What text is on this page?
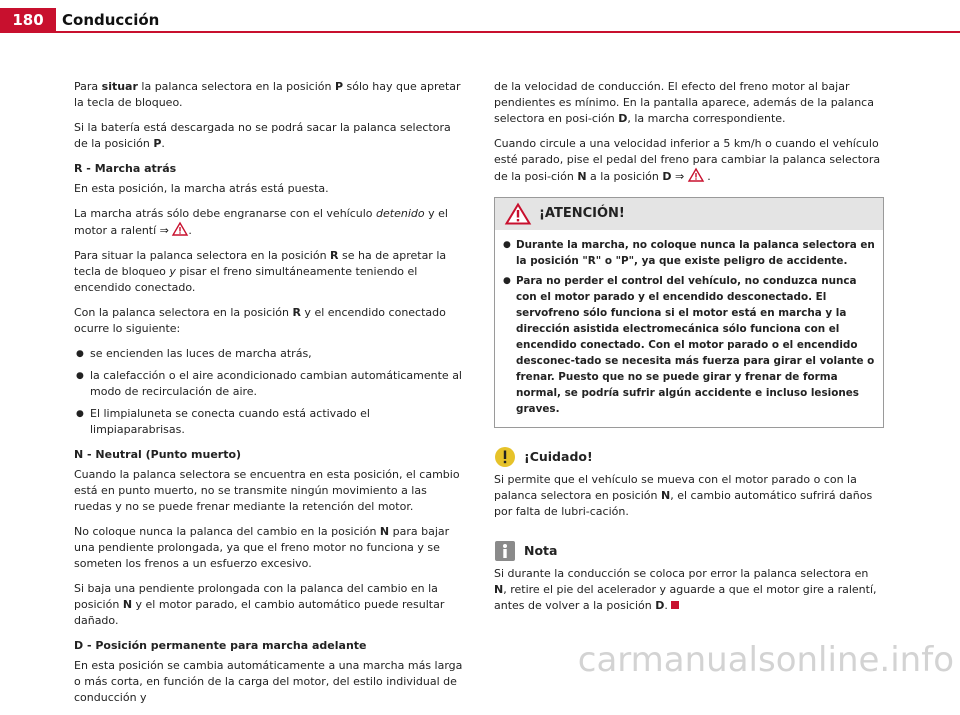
180	Conducción

Para situar la palanca selectora en la posición P sólo hay que apretar la tecla de bloqueo.

Si la batería está descargada no se podrá sacar la palanca selectora de la posición P.

R - Marcha atrás

En esta posición, la marcha atrás está puesta.

La marcha atrás sólo debe engranarse con el vehículo detenido y el motor a ralentí ⇒ .

Para situar la palanca selectora en la posición R se ha de apretar la tecla de bloqueo y pisar el freno simultáneamente teniendo el encendido conectado.

Con la palanca selectora en la posición R y el encendido conectado ocurre lo siguiente:

● se encienden las luces de marcha atrás,
● la calefacción o el aire acondicionado cambian automáticamente al modo de recirculación de aire.
● El limpialuneta se conecta cuando está activado el limpiaparabrisas.
N - Neutral (Punto muerto)

Cuando la palanca selectora se encuentra en esta posición, el cambio está en punto muerto, no se transmite ningún movimiento a las ruedas y no se puede frenar mediante la retención del motor.

No coloque nunca la palanca del cambio en la posición N para bajar una pendiente prolongada, ya que el freno motor no funciona y se someten los frenos a un esfuerzo excesivo.

Si baja una pendiente prolongada con la palanca del cambio en la posición N y el motor parado, el cambio automático puede resultar dañado.

D - Posición permanente para marcha adelante

En esta posición se cambia automáticamente a una marcha más larga o más corta, en función de la carga del motor, del estilo individual de conducción y

de la velocidad de conducción. El efecto del freno motor al bajar pendientes es mínimo. En la pantalla aparece, además de la palanca selectora en posi-ción D, la marcha correspondiente.

Cuando circule a una velocidad inferior a 5 km/h o cuando el vehículo esté parado, pise el pedal del freno para cambiar la palanca selectora de la posi-ción N a la posición D ⇒  .

¡ATENCIÓN!
● Durante la marcha, no coloque nunca la palanca selectora en la posición "R" o "P", ya que existe peligro de accidente.
● Para no perder el control del vehículo, no conduzca nunca con el motor parado y el encendido desconectado. El servofreno sólo funciona si el motor está en marcha y la dirección asistida electromecánica sólo funciona con el encendido conectado. Con el motor parado o el encendido desconec-tado se necesita más fuerza para girar el volante o frenar. Puesto que no se puede girar y frenar de forma normal, se podría sufrir algún accidente e incluso lesiones graves.
¡Cuidado!

Si permite que el vehículo se mueva con el motor parado o con la palanca selectora en posición N, el cambio automático sufrirá daños por falta de lubri-cación.

Nota

Si durante la conducción se coloca por error la palanca selectora en N, retire el pie del acelerador y aguarde a que el motor gire a ralentí, antes de volver a la posición D.

carmanualsonline.info
